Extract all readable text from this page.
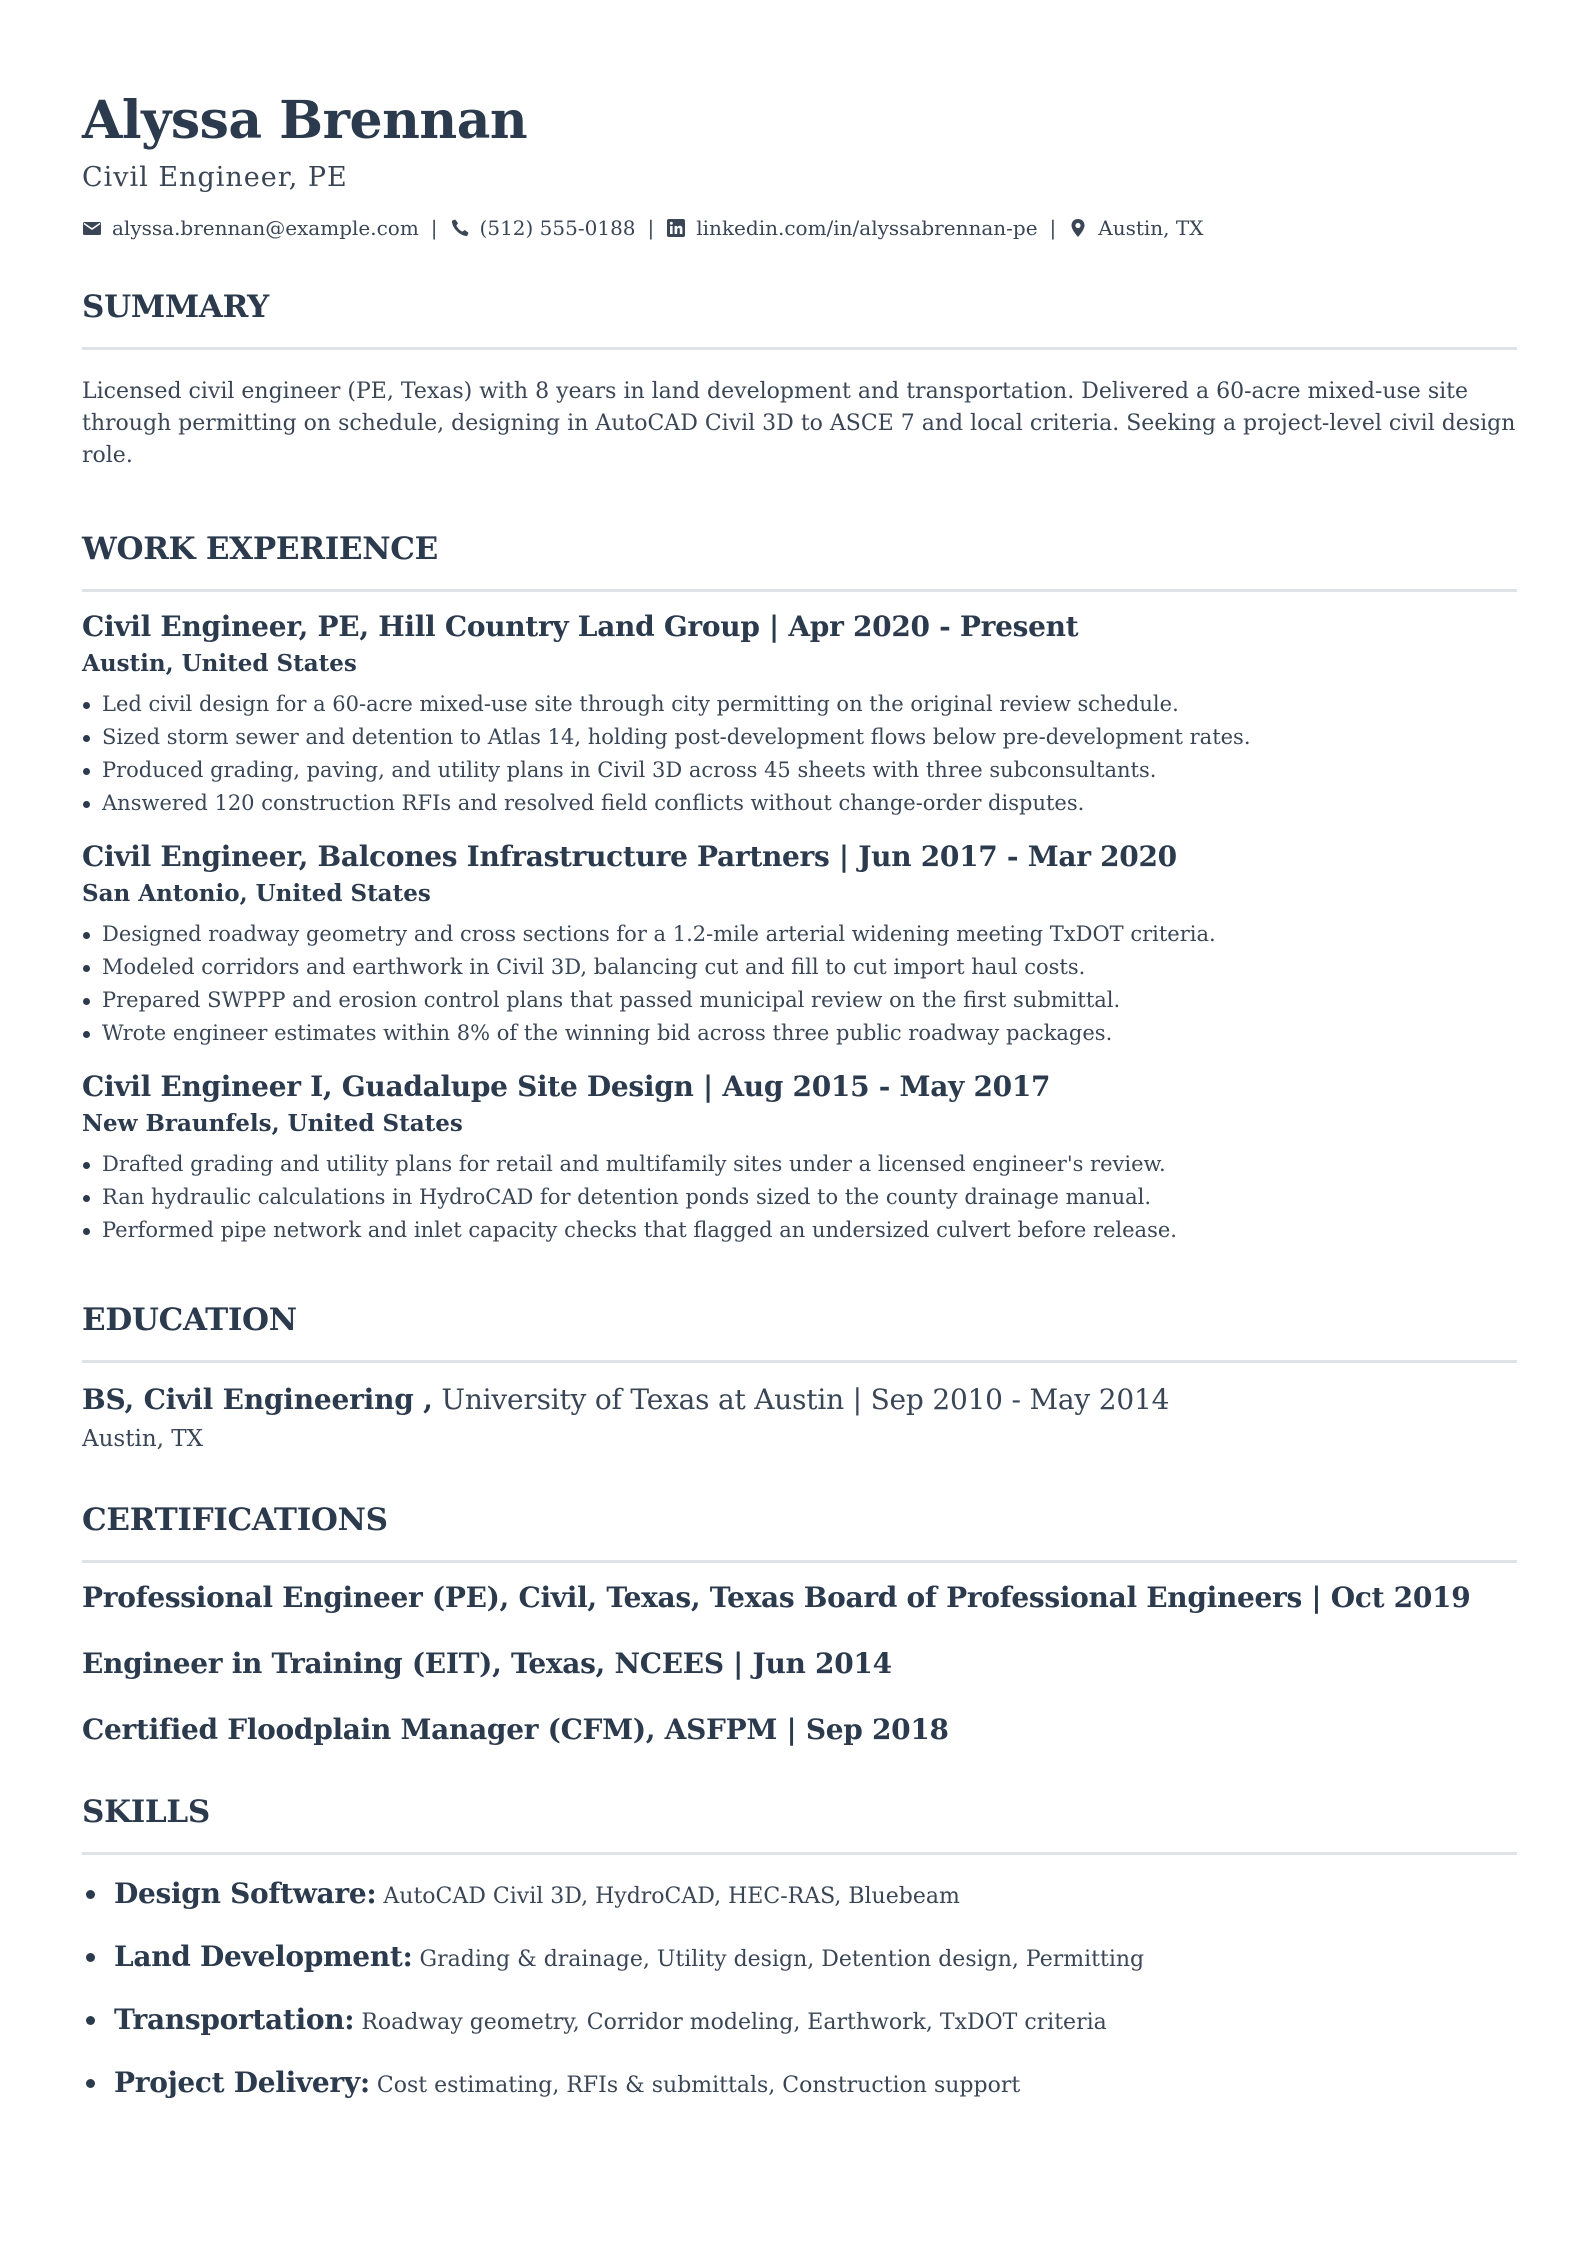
Alyssa Brennan
Civil Engineer, PE
alyssa.brennan@example.com | (512) 555-0188 | linkedin.com/in/alyssabrennan-pe | Austin, TX
SUMMARY

Licensed civil engineer (PE, Texas) with 8 years in land development and transportation. Delivered a 60-acre mixed-use site through permitting on schedule, designing in AutoCAD Civil 3D to ASCE 7 and local criteria. Seeking a project-level civil design role.

WORK EXPERIENCE
Civil Engineer, PE, Hill Country Land Group | Apr 2020 - Present
Austin, United States
Led civil design for a 60-acre mixed-use site through city permitting on the original review schedule.
Sized storm sewer and detention to Atlas 14, holding post-development flows below pre-development rates.
Produced grading, paving, and utility plans in Civil 3D across 45 sheets with three subconsultants.
Answered 120 construction RFIs and resolved field conflicts without change-order disputes.
Civil Engineer, Balcones Infrastructure Partners | Jun 2017 - Mar 2020
San Antonio, United States
Designed roadway geometry and cross sections for a 1.2-mile arterial widening meeting TxDOT criteria.
Modeled corridors and earthwork in Civil 3D, balancing cut and fill to cut import haul costs.
Prepared SWPPP and erosion control plans that passed municipal review on the first submittal.
Wrote engineer estimates within 8% of the winning bid across three public roadway packages.
Civil Engineer I, Guadalupe Site Design | Aug 2015 - May 2017
New Braunfels, United States
Drafted grading and utility plans for retail and multifamily sites under a licensed engineer's review.
Ran hydraulic calculations in HydroCAD for detention ponds sized to the county drainage manual.
Performed pipe network and inlet capacity checks that flagged an undersized culvert before release.
EDUCATION
BS, Civil Engineering , University of Texas at Austin | Sep 2010 - May 2014
Austin, TX
CERTIFICATIONS
Professional Engineer (PE), Civil, Texas, Texas Board of Professional Engineers | Oct 2019
Engineer in Training (EIT), Texas, NCEES | Jun 2014
Certified Floodplain Manager (CFM), ASFPM | Sep 2018
SKILLS
Design Software: AutoCAD Civil 3D, HydroCAD, HEC-RAS, Bluebeam
Land Development: Grading & drainage, Utility design, Detention design, Permitting
Transportation: Roadway geometry, Corridor modeling, Earthwork, TxDOT criteria
Project Delivery: Cost estimating, RFIs & submittals, Construction support
